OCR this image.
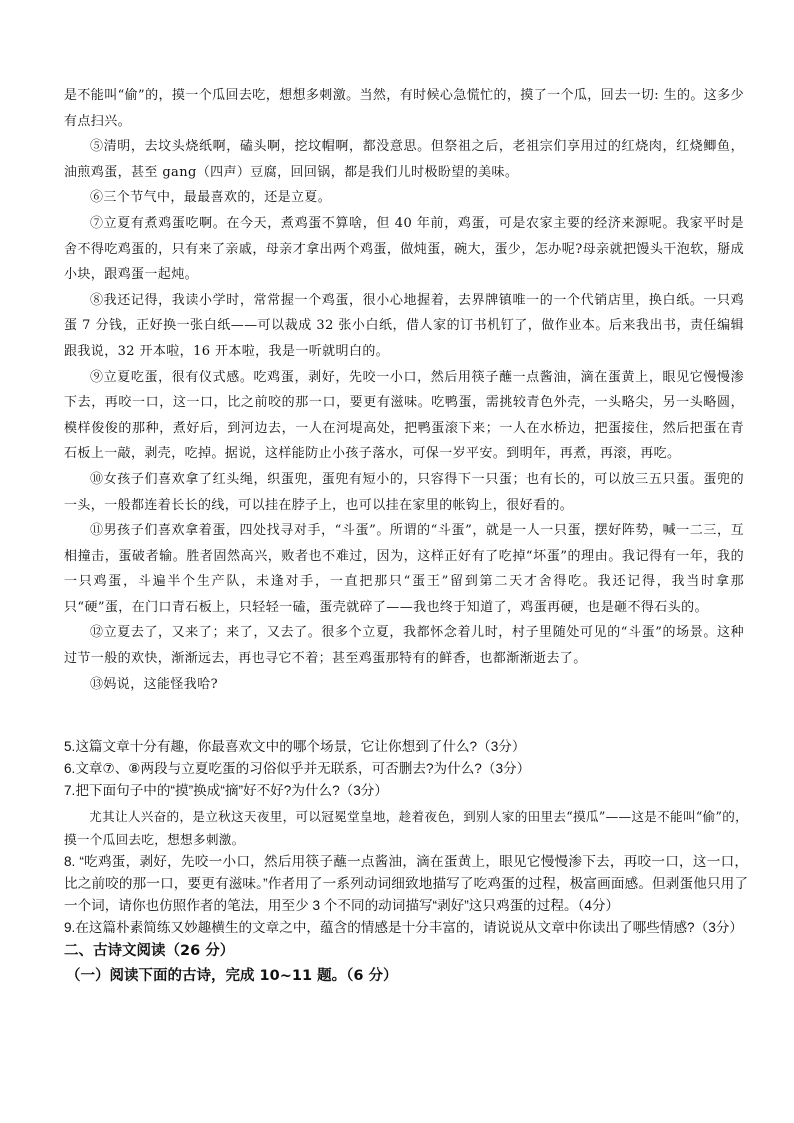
是不能叫“偷”的，摸一个瓜回去吃，想想多刺激。当然，有时候心急慌忙的，摸了一个瓜，回去一切: 生的。这多少有点扫兴。

⑤清明，去坟头烧纸啊，磕头啊，挖坟帽啊，都没意思。但祭祖之后，老祖宗们享用过的红烧肉，红烧鲫鱼，油煎鸡蛋，甚至 gang（四声）豆腐，回回锅，都是我们儿时极盼望的美味。

⑥三个节气中，最最喜欢的，还是立夏。

⑦立夏有煮鸡蛋吃啊。在今天，煮鸡蛋不算啥，但 40 年前，鸡蛋，可是农家主要的经济来源呢。我家平时是舍不得吃鸡蛋的，只有来了亲戚，母亲才拿出两个鸡蛋，做炖蛋，碗大，蛋少，怎办呢?母亲就把馒头干泡软，掰成小块，跟鸡蛋一起炖。

⑧我还记得，我读小学时，常常握一个鸡蛋，很小心地握着，去界牌镇唯一的一个代销店里，换白纸。一只鸡蛋 7 分钱，正好换一张白纸——可以裁成 32 张小白纸，借人家的订书机钉了，做作业本。后来我出书，责任编辑跟我说，32 开本啦，16 开本啦，我是一听就明白的。

⑨立夏吃蛋，很有仪式感。吃鸡蛋，剥好，先咬一小口，然后用筷子蘸一点酱油，滴在蛋黄上，眼见它慢慢渗下去，再咬一口，这一口，比之前咬的那一口，要更有滋味。吃鸭蛋，需挑较青色外壳，一头略尖，另一头略圆，模样俊俊的那种，煮好后，到河边去，一人在河堤高处，把鸭蛋滚下来；一人在水桥边，把蛋接住，然后把蛋在青石板上一敲，剥壳，吃掉。据说，这样能防止小孩子落水，可保一岁平安。到明年，再煮，再滚，再吃。

⑩女孩子们喜欢拿了红头绳，织蛋兜，蛋兜有短小的，只容得下一只蛋；也有长的，可以放三五只蛋。蛋兜的一头，一般都连着长长的线，可以挂在脖子上，也可以挂在家里的帐钩上，很好看的。

⑪男孩子们喜欢拿着蛋，四处找寻对手，“斗蛋”。所谓的“斗蛋”，就是一人一只蛋，摆好阵势，喊一二三，互相撞击，蛋破者输。胜者固然高兴，败者也不难过，因为，这样正好有了吃掉“坏蛋”的理由。我记得有一年，我的一只鸡蛋，斗遍半个生产队，未逢对手，一直把那只“蛋王”留到第二天才舍得吃。我还记得，我当时拿那只“硬”蛋，在门口青石板上，只轻轻一磕，蛋壳就碎了——我也终于知道了，鸡蛋再硬，也是砸不得石头的。

⑫立夏去了，又来了；来了，又去了。很多个立夏，我都怀念着儿时，村子里随处可见的“斗蛋”的场景。这种过节一般的欢快，渐渐远去，再也寻它不着；甚至鸡蛋那特有的鲜香，也都渐渐逝去了。

⑬妈说，这能怪我哈?

5.这篇文章十分有趣，你最喜欢文中的哪个场景，它让你想到了什么?（3分）

6.文章⑦、⑧两段与立夏吃蛋的习俗似乎并无联系，可否删去?为什么?（3分）

7.把下面句子中的“摸”换成“摘”好不好?为什么?（3分）

尤其让人兴奋的，是立秋这天夜里，可以冠冕堂皇地，趁着夜色，到别人家的田里去“摸瓜”——这是不能叫“偷”的，摸一个瓜回去吃，想想多刺激。

8. “吃鸡蛋，剥好，先咬一小口，然后用筷子蘸一点酱油，滴在蛋黄上，眼见它慢慢渗下去，再咬一口，这一口，比之前咬的那一口，要更有滋味。”作者用了一系列动词细致地描写了吃鸡蛋的过程，极富画面感。但剥蛋他只用了一个词，请你也仿照作者的笔法，用至少 3 个不同的动词描写“剥好”这只鸡蛋的过程。（4分）

9.在这篇朴素简练又妙趣横生的文章之中，蕴含的情感是十分丰富的，请说说从文章中你读出了哪些情感?（3分）

二、古诗文阅读（26 分）

（一）阅读下面的古诗，完成 10~11 题。（6 分）
